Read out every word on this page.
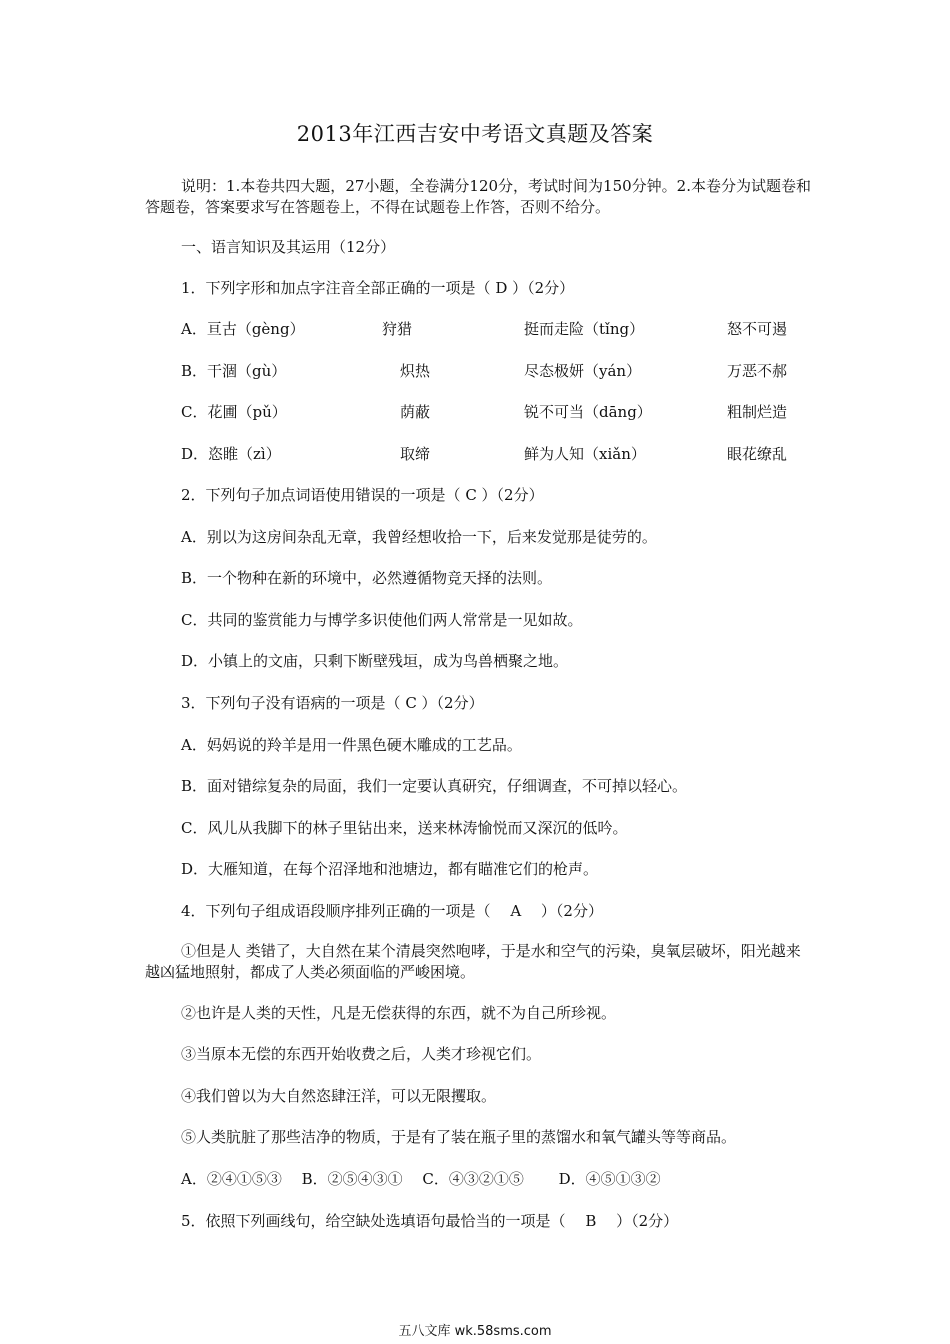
2013年江西吉安中考语文真题及答案
说明：1.本卷共四大题，27小题，全卷满分120分，考试时间为150分钟。2.本卷分为试题卷和答题卷，答案要求写在答题卷上，不得在试题卷上作答，否则不给分。
一、语言知识及其运用（12分）
1．下列字形和加点字注音全部正确的一项是（ D ）（2分）
A．亘古（gèng）	狩猎	挺而走险（tǐng）	怒不可遏
B．干涸（gù）	炽热	尽态极妍（yán）	万恶不郝
C．花圃（pǔ）	荫蔽	锐不可当（dāng）	粗制烂造
D．恣睢（zì）	取缔	鲜为人知（xiǎn）	眼花缭乱
2．下列句子加点词语使用错误的一项是（ C ）（2分）
A．别以为这房间杂乱无章，我曾经想收拾一下，后来发觉那是徒劳的。
B．一个物种在新的环境中，必然遵循物竞天择的法则。
C．共同的鉴赏能力与博学多识使他们两人常常是一见如故。
D．小镇上的文庙，只剩下断壁残垣，成为鸟兽栖聚之地。
3．下列句子没有语病的一项是（ C ）（2分）
A．妈妈说的羚羊是用一件黑色硬木雕成的工艺品。
B．面对错综复杂的局面，我们一定要认真研究，仔细调查，不可掉以轻心。
C．风儿从我脚下的林子里钻出来，送来林涛愉悦而又深沉的低吟。
D．大雁知道，在每个沼泽地和池塘边，都有瞄准它们的枪声。
4．下列句子组成语段顺序排列正确的一项是（　 A　 ）（2分）
①但是人 类错了，大自然在某个清晨突然咆哮，于是水和空气的污染，臭氧层破坏，阳光越来越凶猛地照射，都成了人类必须面临的严峻困境。
②也许是人类的天性，凡是无偿获得的东西，就不为自己所珍视。
③当原本无偿的东西开始收费之后，人类才珍视它们。
④我们曾以为大自然恣肆汪洋，可以无限攫取。
⑤人类肮脏了那些洁净的物质，于是有了装在瓶子里的蒸馏水和氧气罐头等等商品。
A．②④①⑤③　 B．②⑤④③①　 C．④③②①⑤　　 D．④⑤①③②
5．依照下列画线句，给空缺处选填语句最恰当的一项是（　 B　 ）（2分）
五八文库 wk.58sms.com
